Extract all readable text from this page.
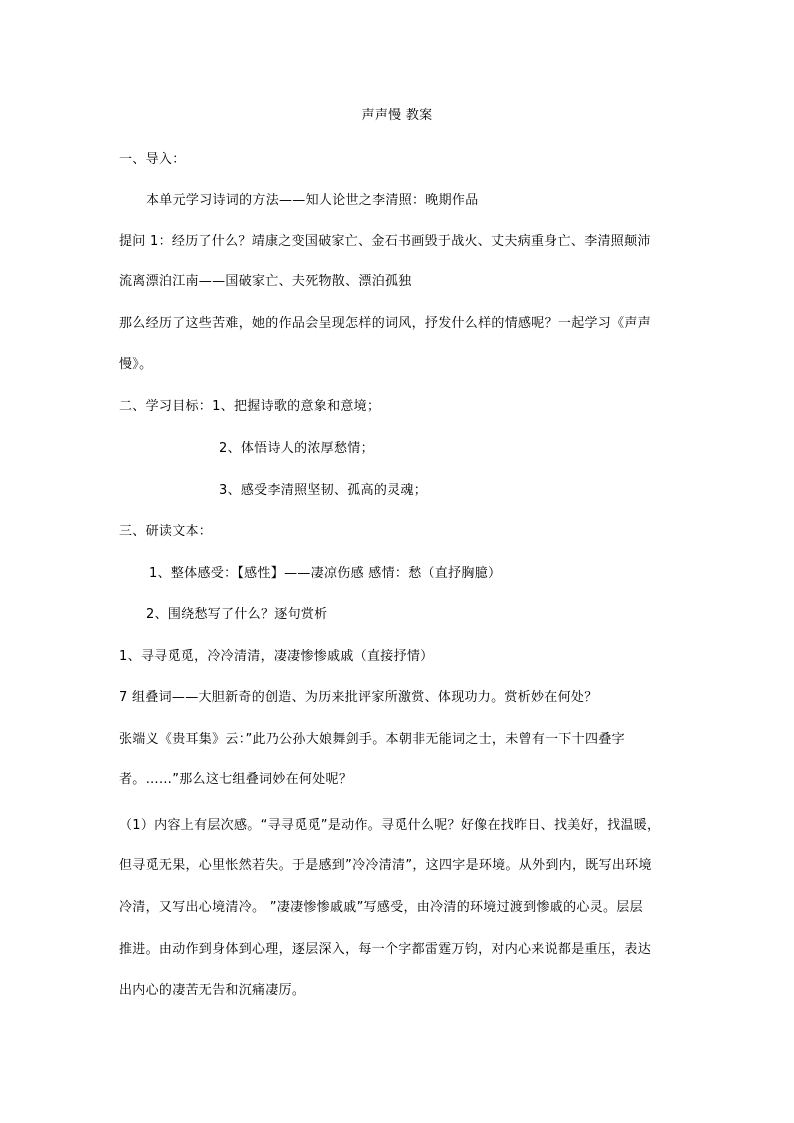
声声慢 教案
一、导入：
本单元学习诗词的方法——知人论世之李清照：晚期作品
提问 1：经历了什么？靖康之变国破家亡、金石书画毁于战火、丈夫病重身亡、李清照颠沛
流离漂泊江南——国破家亡、夫死物散、漂泊孤独
那么经历了这些苦难，她的作品会呈现怎样的词风，抒发什么样的情感呢？一起学习《声声
慢》。
二、学习目标：1、把握诗歌的意象和意境；
2、体悟诗人的浓厚愁情；
3、感受李清照坚韧、孤高的灵魂；
三、研读文本：
1、整体感受：【感性】——凄凉伤感 感情：愁（直抒胸臆）
2、围绕愁写了什么？逐句赏析
1、寻寻觅觅，冷冷清清，凄凄惨惨戚戚（直接抒情）
7 组叠词——大胆新奇的创造、为历来批评家所激赏、体现功力。赏析妙在何处？
张端义《贵耳集》云：”此乃公孙大娘舞剑手。本朝非无能词之士，未曾有一下十四叠字
者。……”那么这七组叠词妙在何处呢？
（1）内容上有层次感。“寻寻觅觅”是动作。寻觅什么呢？好像在找昨日、找美好，找温暖，
但寻觅无果，心里怅然若失。于是感到”冷冷清清”，这四字是环境。从外到内，既写出环境
冷清，又写出心境清冷。 ”凄凄惨惨戚戚”写感受，由冷清的环境过渡到惨戚的心灵。层层
推进。由动作到身体到心理，逐层深入，每一个字都雷霆万钧，对内心来说都是重压，表达
出内心的凄苦无告和沉痛凄厉。
